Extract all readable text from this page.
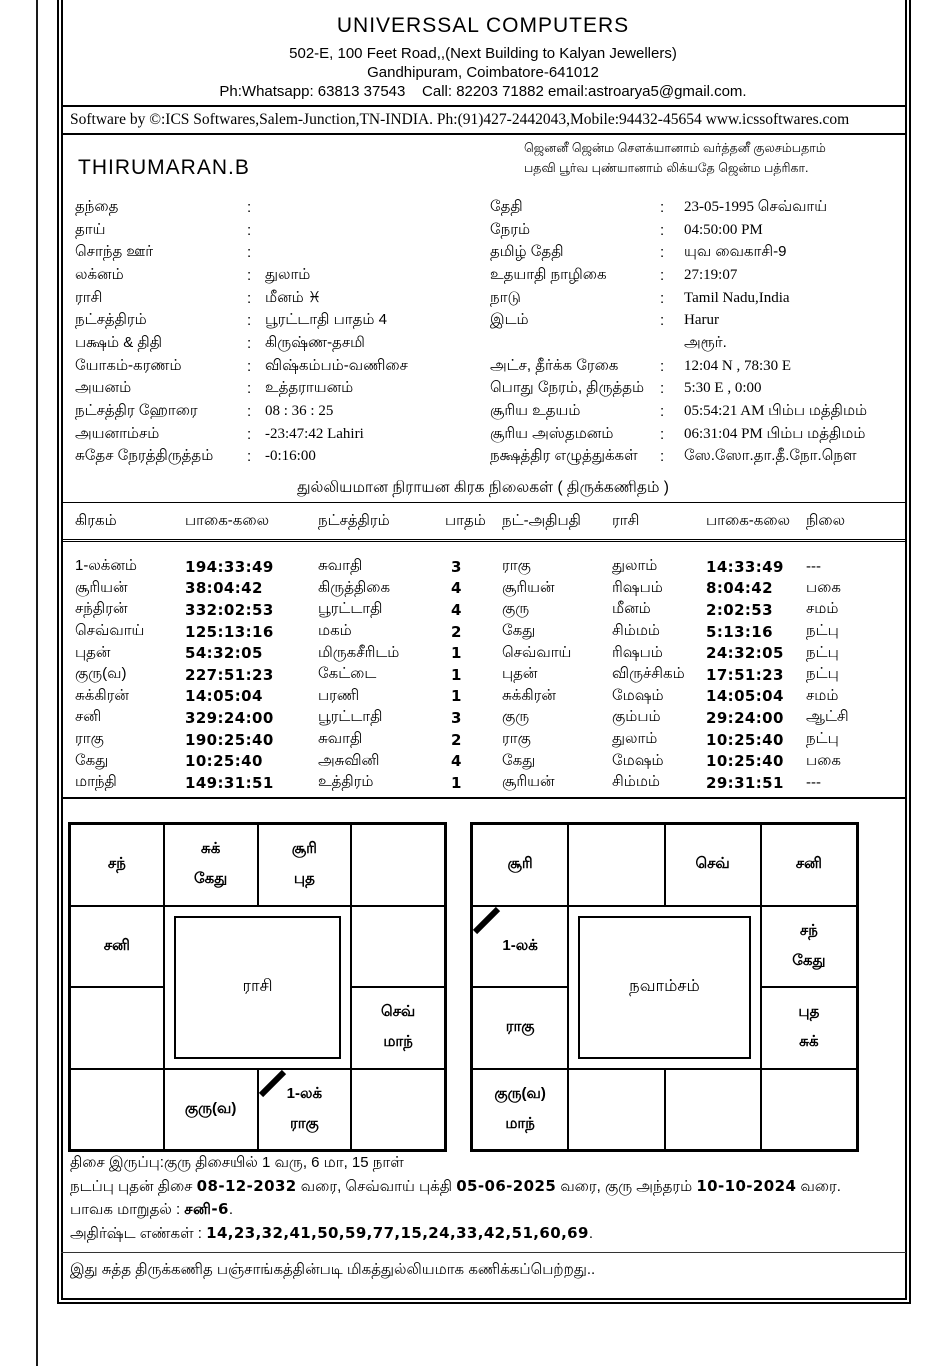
UNIVERSSAL COMPUTERS
502-E, 100 Feet Road,,(Next Building to Kalyan Jewellers)
Gandhipuram, Coimbatore-641012
Ph:Whatsapp: 63813 37543    Call: 82203 71882 email:astroarya5@gmail.com.
Software by ©:ICS Softwares,Salem-Junction,TN-INDIA. Ph:(91)427-2442043,Mobile:94432-45654 www.icssoftwares.com
ஜெனனீ ஜென்ம சௌக்யானாம் வர்த்தனீ குலசம்பதாம்
பதவி பூர்வ புண்யானாம் லிக்யதே ஜென்ம பத்ரிகா.
THIRUMARAN.B
தந்தை	:
தாய்	:
சொந்த ஊர்	:
லக்னம்	: துலாம்
ராசி	: மீனம் ♓
நட்சத்திரம்	: பூரட்டாதி பாதம் 4
பக்ஷம் & திதி	: கிருஷ்ண-தசமி
யோகம்-கரணம்	: விஷ்கம்பம்-வணிசை
அயனம்	: உத்தராயனம்
நட்சத்திர ஹோரை	: 08 : 36 : 25
அயனாம்சம்	: -23:47:42 Lahiri
சுதேச நேரத்திருத்தம்	: -0:16:00
தேதி	:	23-05-1995 செவ்வாய்
நேரம்	:	04:50:00 PM
தமிழ் தேதி	:	யுவ வைகாசி-9
உதயாதி நாழிகை	:	27:19:07
நாடு	:	Tamil Nadu,India
இடம்	:	Harur
அரூர்.
அட்ச, தீர்க்க ரேகை	:	12:04 N , 78:30 E
பொது நேரம், திருத்தம்	:	5:30 E , 0:00
சூரிய உதயம்	:	05:54:21 AM பிம்ப மத்திமம்
சூரிய அஸ்தமனம்	:	06:31:04 PM பிம்ப மத்திமம்
நக்ஷத்திர எழுத்துக்கள்	:	ஸே.ஸோ.தா.தீ.நோ.நௌ
துல்லியமான நிராயன கிரக நிலைகள் ( திருக்கணிதம் )
கிரகம்	பாகை-கலை	நட்சத்திரம்	பாதம்	நட்-அதிபதி	ராசி	பாகை-கலை	நிலை
1-லக்னம்	194:33:49	சுவாதி	3	ராகு	துலாம்	14:33:49	---
சூரியன்	38:04:42	கிருத்திகை	4	சூரியன்	ரிஷபம்	8:04:42	பகை
சந்திரன்	332:02:53	பூரட்டாதி	4	குரு	மீனம்	2:02:53	சமம்
செவ்வாய்	125:13:16	மகம்	2	கேது	சிம்மம்	5:13:16	நட்பு
புதன்	54:32:05	மிருகசீரிடம்	1	செவ்வாய்	ரிஷபம்	24:32:05	நட்பு
குரு(வ)	227:51:23	கேட்டை	1	புதன்	விருச்சிகம்	17:51:23	நட்பு
சுக்கிரன்	14:05:04	பரணி	1	சுக்கிரன்	மேஷம்	14:05:04	சமம்
சனி	329:24:00	பூரட்டாதி	3	குரு	கும்பம்	29:24:00	ஆட்சி
ராகு	190:25:40	சுவாதி	2	ராகு	துலாம்	10:25:40	நட்பு
கேது	10:25:40	அசுவினி	4	கேது	மேஷம்	10:25:40	பகை
மாந்தி	149:31:51	உத்திரம்	1	சூரியன்	சிம்மம்	29:31:51	---
சந்
சுக்
கேது
சூரி
புத
சனி
செவ்
மாந்
குரு(வ)
1-லக்
ராகு
ராசி
சூரி	செவ்	சனி
1-லக்
சந்
கேது
ராகு
புத
சுக்
குரு(வ)
மாந்
நவாம்சம்
திசை இருப்பு:குரு திசையில் 1 வரு, 6 மா, 15 நாள்
நடப்பு புதன் திசை 08-12-2032 வரை, செவ்வாய் புக்தி 05-06-2025 வரை, குரு அந்தரம் 10-10-2024 வரை.
பாவக மாறுதல் : சனி-6.
அதிர்ஷ்ட எண்கள் : 14,23,32,41,50,59,77,15,24,33,42,51,60,69.
இது சுத்த திருக்கணித பஞ்சாங்கத்தின்படி மிகத்துல்லியமாக கணிக்கப்பெற்றது..
